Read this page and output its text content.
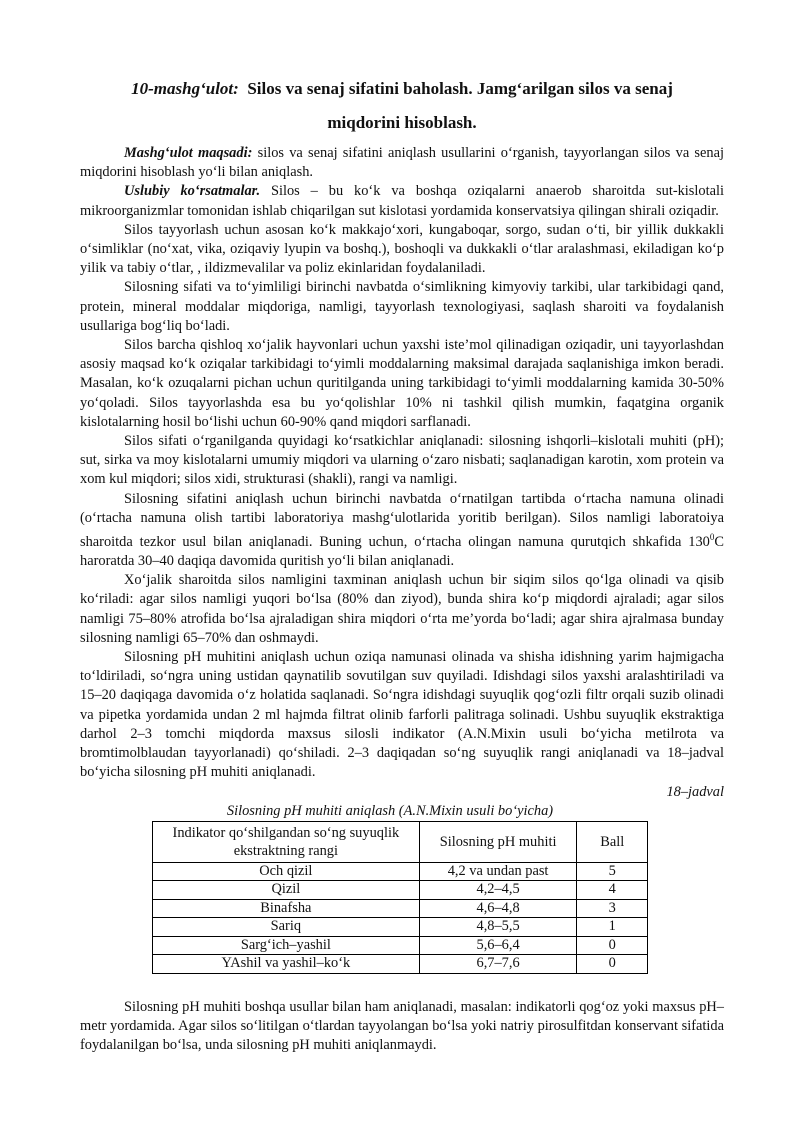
10-mashg‘ulot: Silos va senaj sifatini baholash. Jamg‘arilgan silos va senaj
miqdorini hisoblash.

Mashg‘ulot maqsadi: silos va senaj sifatini aniqlash usullarini o‘rganish, tayyorlangan silos va senaj miqdorini hisoblash yo‘li bilan aniqlash.

Uslubiy ko‘rsatmalar. Silos – bu ko‘k va boshqa oziqalarni anaerob sharoitda sut-kislotali mikroorganizmlar tomonidan ishlab chiqarilgan sut kislotasi yordamida konservatsiya qilingan shirali oziqadir.

Silos tayyorlash uchun asosan ko‘k makkajo‘xori, kungaboqar, sorgo, sudan o‘ti, bir yillik dukkakli o‘simliklar (no‘xat, vika, oziqaviy lyupin va boshq.), boshoqli va dukkakli o‘tlar aralashmasi, ekiladigan ko‘p yilik va tabiy o‘tlar, , ildizmevalilar va poliz ekinlaridan foydalaniladi.

Silosning sifati va to‘yimliligi birinchi navbatda o‘simlikning kimyoviy tarkibi, ular tarkibidagi qand, protein, mineral moddalar miqdoriga, namligi, tayyorlash texnologiyasi, saqlash sharoiti va foydalanish usullariga bog‘liq bo‘ladi.

Silos barcha qishloq xo‘jalik hayvonlari uchun yaxshi iste’mol qilinadigan oziqadir, uni tayyorlashdan asosiy maqsad ko‘k oziqalar tarkibidagi to‘yimli moddalarning maksimal darajada saqlanishiga imkon beradi. Masalan, ko‘k ozuqalarni pichan uchun quritilganda uning tarkibidagi to‘yimli moddalarning kamida 30-50% yo‘qoladi. Silos tayyorlashda esa bu yo‘qolishlar 10% ni tashkil qilish mumkin, faqatgina organik kislotalarning hosil bo‘lishi uchun 60-90% qand miqdori sarflanadi.

Silos sifati o‘rganilganda quyidagi ko‘rsatkichlar aniqlanadi: silosning ishqorli–kislotali muhiti (pH); sut, sirka va moy kislotalarni umumiy miqdori va ularning o‘zaro nisbati; saqlanadigan karotin, xom protein va xom kul miqdori; silos xidi, strukturasi (shakli), rangi va namligi.

Silosning sifatini aniqlash uchun birinchi navbatda o‘rnatilgan tartibda o‘rtacha namuna olinadi (o‘rtacha namuna olish tartibi laboratoriya mashg‘ulotlarida yoritib berilgan). Silos namligi laboratoiya sharoitda tezkor usul bilan aniqlanadi. Buning uchun, o‘rtacha olingan namuna qurutqich shkafida $130^0C$ haroratda 30–40 daqiqa davomida quritish yo‘li bilan aniqlanadi.

Xo‘jalik sharoitda silos namligini taxminan aniqlash uchun bir siqim silos qo‘lga olinadi va qisib ko‘riladi: agar silos namligi yuqori bo‘lsa (80% dan ziyod), bunda shira ko‘p miqdordi ajraladi; agar silos namligi 75–80% atrofida bo‘lsa ajraladigan shira miqdori o‘rta me’yorda bo‘ladi; agar shira ajralmasa bunday silosning namligi 65–70% dan oshmaydi.

Silosning pH muhitini aniqlash uchun oziqa namunasi olinada va shisha idishning yarim hajmigacha to‘ldiriladi, so‘ngra uning ustidan qaynatilib sovutilgan suv quyiladi. Idishdagi silos yaxshi aralashtiriladi va 15–20 daqiqaga davomida o‘z holatida saqlanadi. So‘ngra idishdagi suyuqlik qog‘ozli filtr orqali suzib olinadi va pipetka yordamida undan 2 ml hajmda filtrat olinib farforli palitraga solinadi. Ushbu suyuqlik ekstraktiga darhol 2–3 tomchi miqdorda maxsus silosli indikator (A.N.Mixin usuli bo‘yicha metilrota va bromtimolblaudan tayyorlanadi) qo‘shiladi. 2–3 daqiqadan so‘ng suyuqlik rangi aniqlanadi va 18–jadval bo‘yicha silosning pH muhiti aniqlanadi.

18–jadval
Silosning pH muhiti aniqlash (A.N.Mixin usuli bo‘yicha)
Indikator qo‘shilgandan so‘ng suyuqlik ekstraktning rangi	Silosning pH muhiti	Ball
Och qizil	4,2 va undan past	5
Qizil	4,2–4,5	4
Binafsha	4,6–4,8	3
Sariq	4,8–5,5	1
Sarg‘ich–yashil	5,6–6,4	0
YAshil va yashil–ko‘k	6,7–7,6	0

Silosning pH muhiti boshqa usullar bilan ham aniqlanadi, masalan: indikatorli qog‘oz yoki maxsus pH–metr yordamida. Agar silos so‘litilgan o‘tlardan tayyolangan bo‘lsa yoki natriy pirosulfitdan konservant sifatida foydalanilgan bo‘lsa, unda silosning pH muhiti aniqlanmaydi.
